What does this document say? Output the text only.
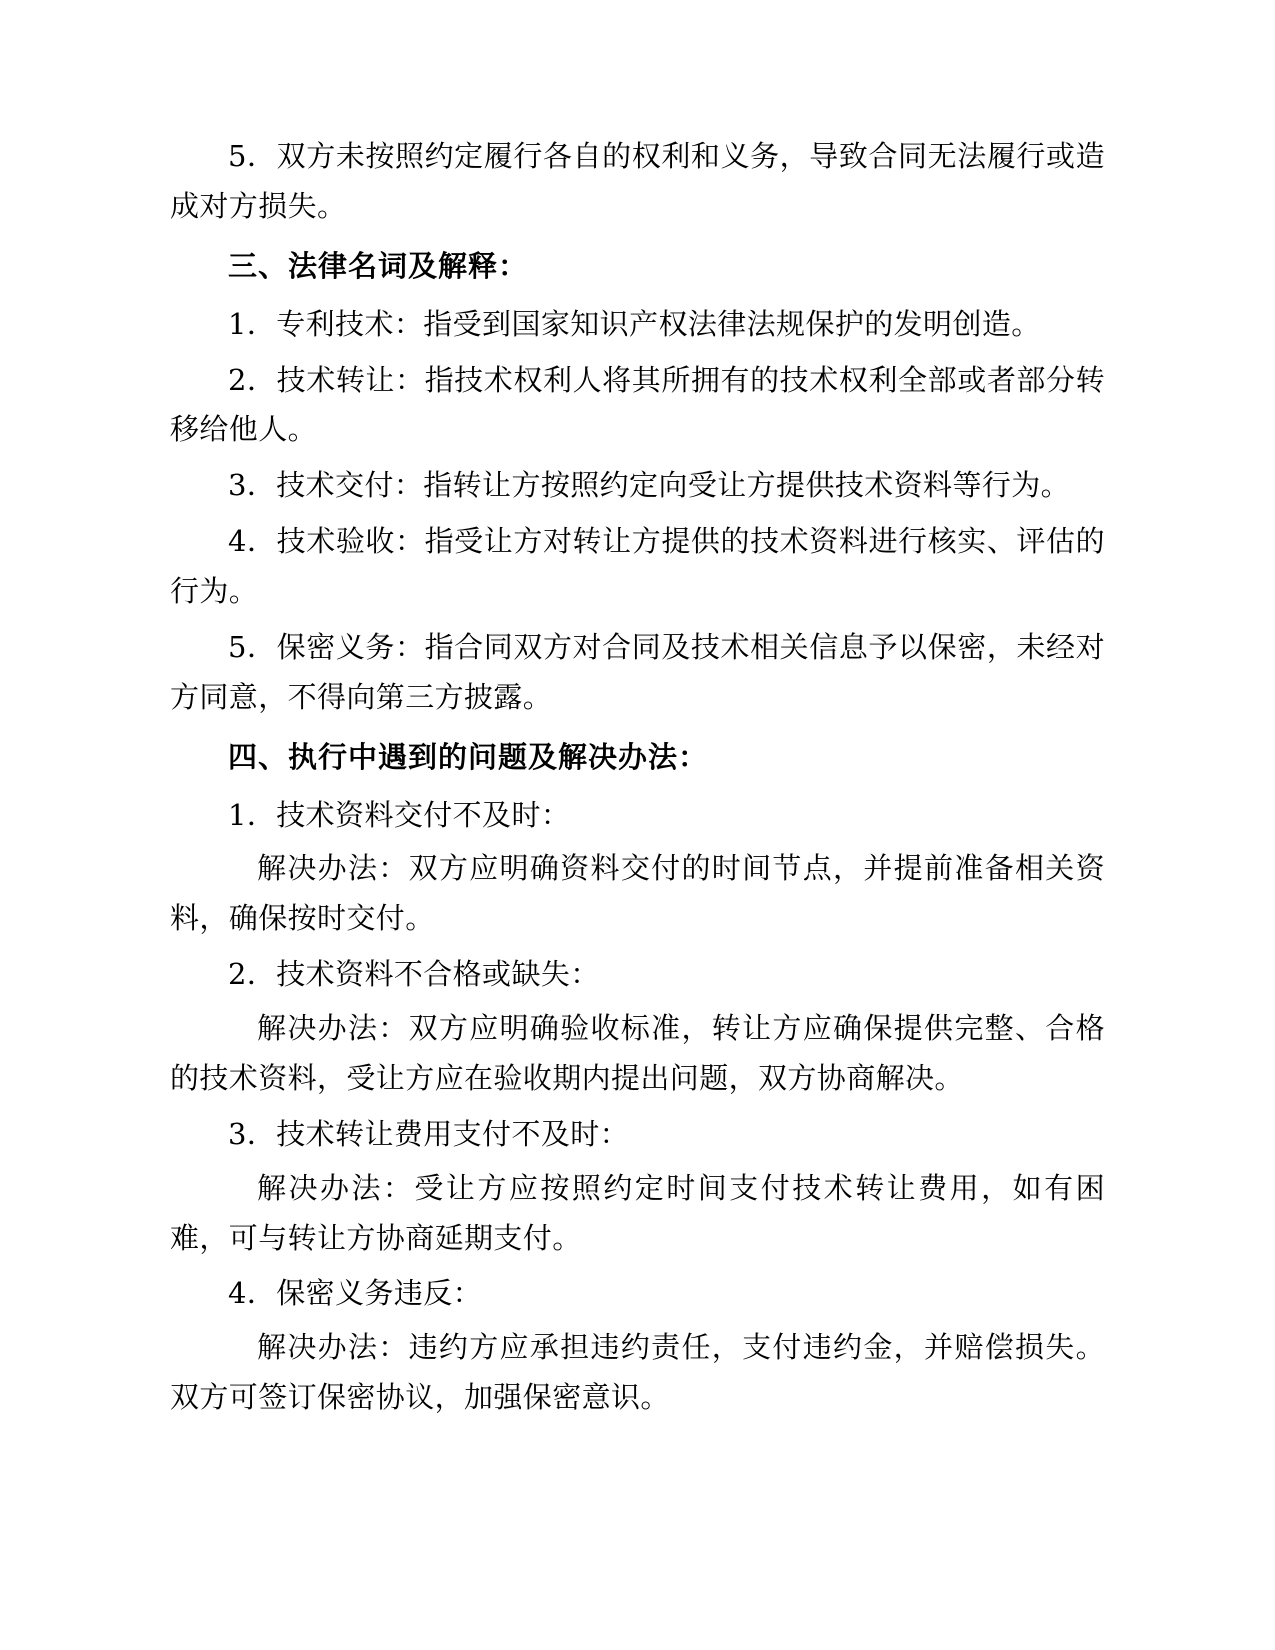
5．双方未按照约定履行各自的权利和义务，导致合同无法履行或造成对方损失。

三、法律名词及解释：

1．专利技术：指受到国家知识产权法律法规保护的发明创造。

2．技术转让：指技术权利人将其所拥有的技术权利全部或者部分转移给他人。

3．技术交付：指转让方按照约定向受让方提供技术资料等行为。

4．技术验收：指受让方对转让方提供的技术资料进行核实、评估的行为。

5．保密义务：指合同双方对合同及技术相关信息予以保密，未经对方同意，不得向第三方披露。

四、执行中遇到的问题及解决办法：

1．技术资料交付不及时：

解决办法：双方应明确资料交付的时间节点，并提前准备相关资料，确保按时交付。

2．技术资料不合格或缺失：

解决办法：双方应明确验收标准，转让方应确保提供完整、合格的技术资料，受让方应在验收期内提出问题，双方协商解决。

3．技术转让费用支付不及时：

解决办法：受让方应按照约定时间支付技术转让费用，如有困难，可与转让方协商延期支付。

4．保密义务违反：

解决办法：违约方应承担违约责任，支付违约金，并赔偿损失。双方可签订保密协议，加强保密意识。
